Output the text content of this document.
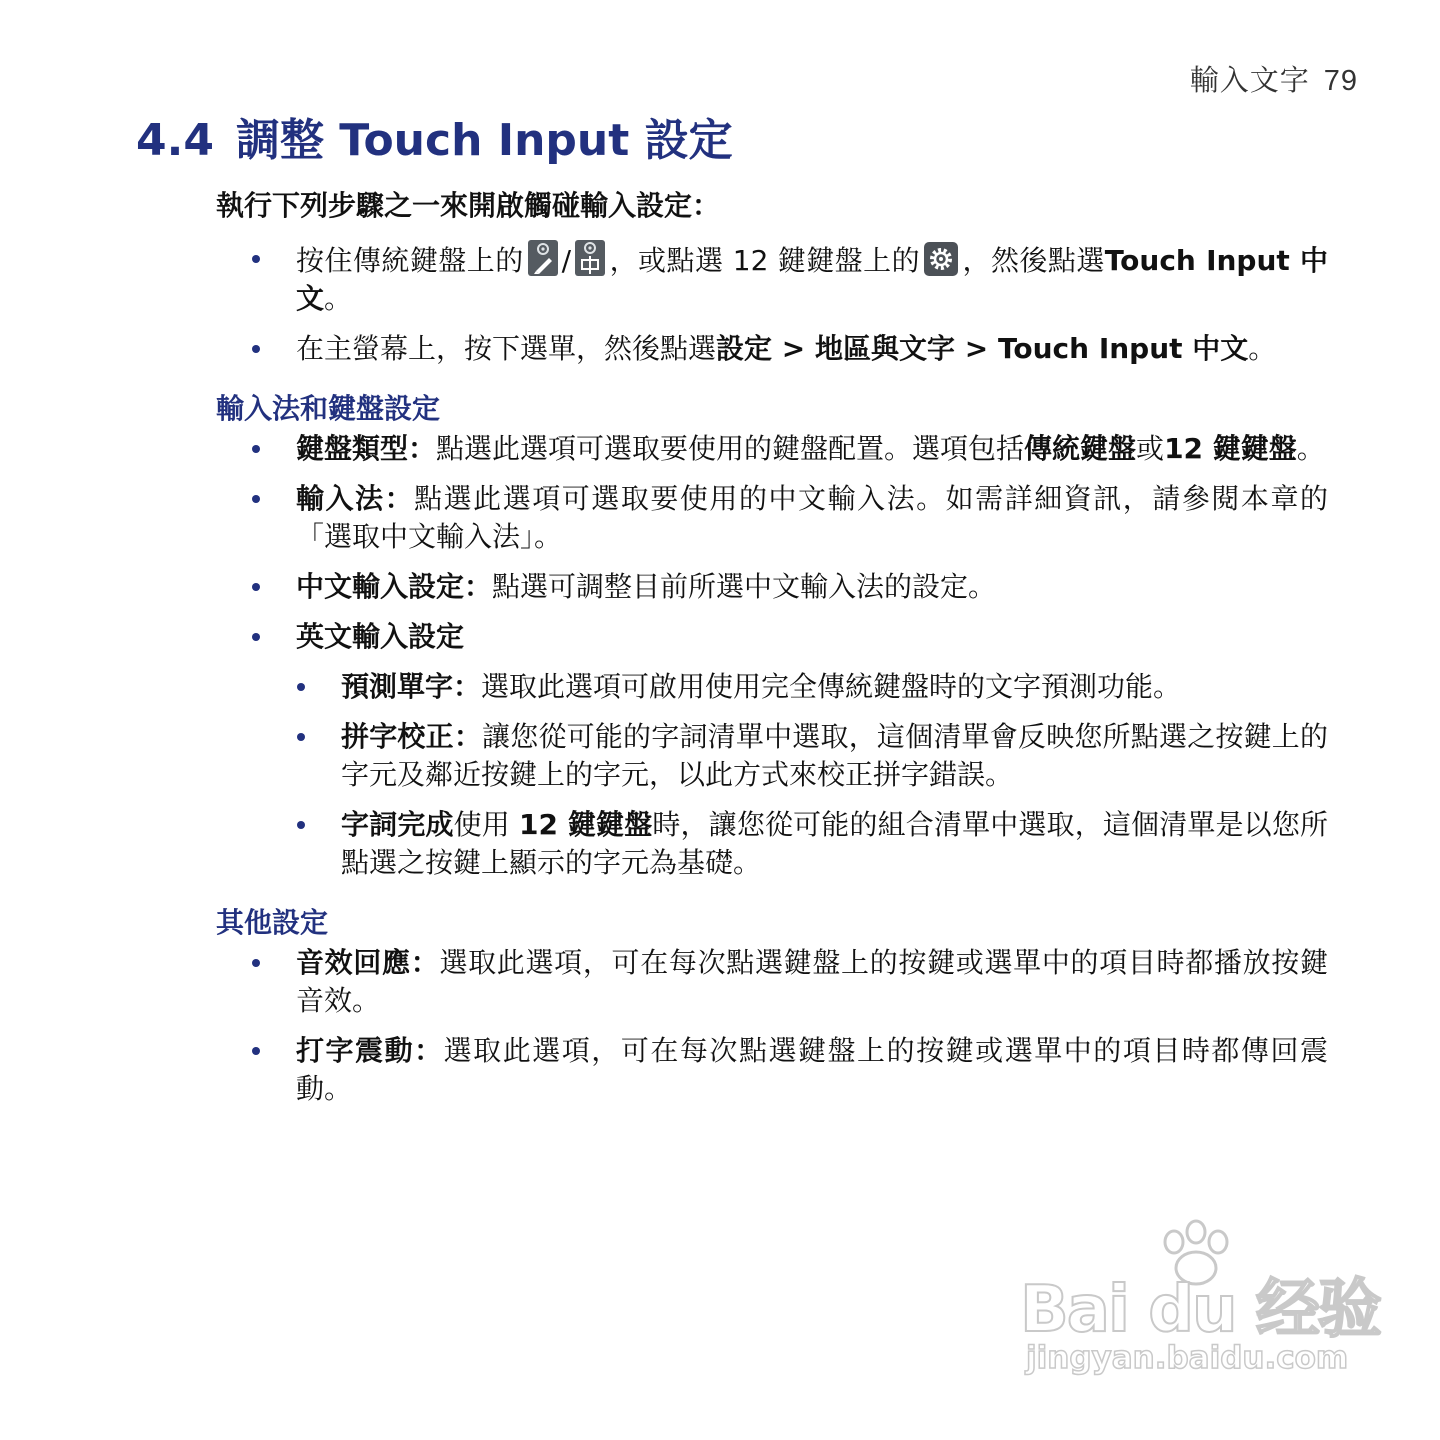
輸入文字 79
4.4 調整 Touch Input 設定

執行下列步驟之一來開啟觸碰輸入設定：

按住傳統鍵盤上的 / ，或點選 12 鍵鍵盤上的 ，然後點選Touch Input 中文。
在主螢幕上，按下選單，然後點選設定 > 地區與文字 > Touch Input 中文。
輸入法和鍵盤設定
鍵盤類型：點選此選項可選取要使用的鍵盤配置。選項包括傳統鍵盤或12 鍵鍵盤。
輸入法：點選此選項可選取要使用的中文輸入法。如需詳細資訊，請參閱本章的「選取中文輸入法」。
中文輸入設定：點選可調整目前所選中文輸入法的設定。
英文輸入設定
預測單字：選取此選項可啟用使用完全傳統鍵盤時的文字預測功能。
拼字校正：讓您從可能的字詞清單中選取，這個清單會反映您所點選之按鍵上的字元及鄰近按鍵上的字元，以此方式來校正拼字錯誤。
字詞完成使用 12 鍵鍵盤時，讓您從可能的組合清單中選取，這個清單是以您所點選之按鍵上顯示的字元為基礎。
其他設定
音效回應：選取此選項，可在每次點選鍵盤上的按鍵或選單中的項目時都播放按鍵音效。
打字震動：選取此選項，可在每次點選鍵盤上的按鍵或選單中的項目時都傳回震動。
Bai du 经验
jingyan.baidu.com
